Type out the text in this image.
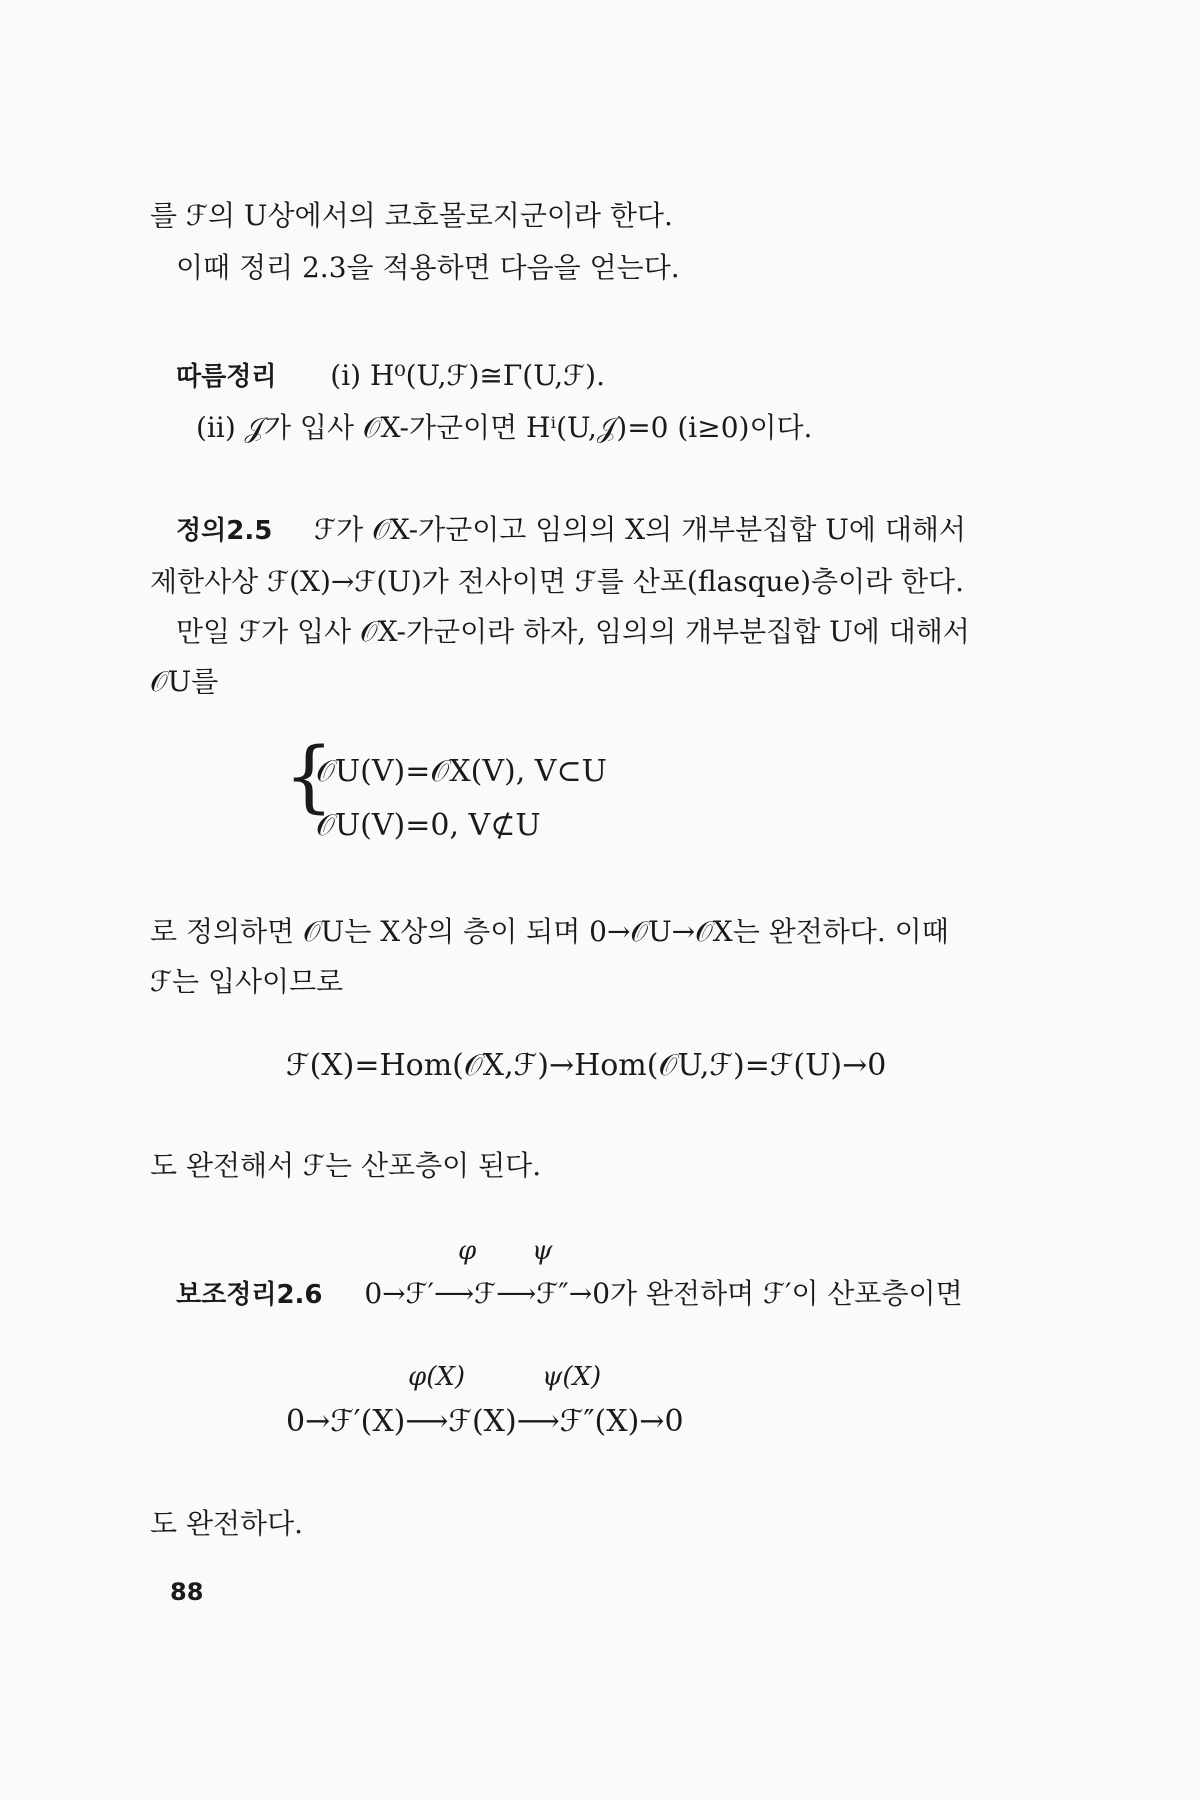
를 ℱ의 U상에서의 코호몰로지군이라 한다.
이때 정리 2.3을 적용하면 다음을 얻는다.
따름정리 (ⅰ) H⁰(U,ℱ)≅Γ(U,ℱ).
(ⅱ) 𝒥가 입사 𝒪X-가군이면 Hⁱ(U,𝒥)=0 (i≥0)이다.
정의2.5 ℱ가 𝒪X-가군이고 임의의 X의 개부분집합 U에 대해서
제한사상 ℱ(X)→ℱ(U)가 전사이면 ℱ를 산포(flasque)층이라 한다.
만일 ℱ가 입사 𝒪X-가군이라 하자, 임의의 개부분집합 U에 대해서
𝒪U를
{
𝒪U(V)=𝒪X(V), V⊂U
𝒪U(V)=0, V⊄U
로 정의하면 𝒪U는 X상의 층이 되며 0→𝒪U→𝒪X는 완전하다. 이때
ℱ는 입사이므로
ℱ(X)=Hom(𝒪X,ℱ)→Hom(𝒪U,ℱ)=ℱ(U)→0
도 완전해서 ℱ는 산포층이 된다.
φ ψ
보조정리2.6 0→ℱ′⟶ℱ⟶ℱ″→0가 완전하며 ℱ′이 산포층이면
φ(X)	ψ(X)
0→ℱ′(X)⟶ℱ(X)⟶ℱ″(X)→0
도 완전하다.
88
